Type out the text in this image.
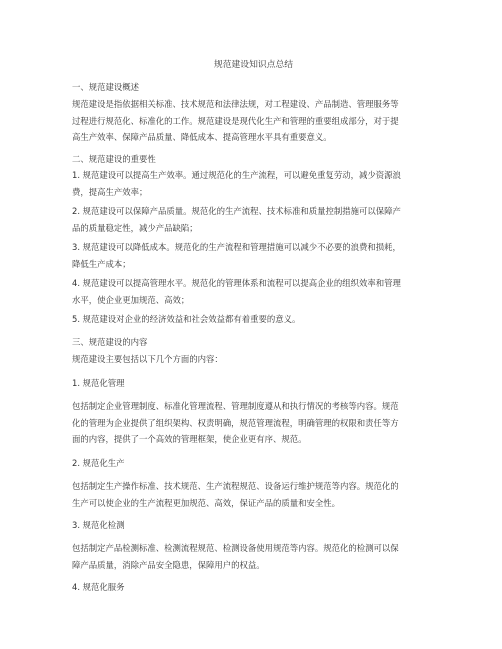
规范建设知识点总结
一、规范建设概述
规范建设是指依据相关标准、技术规范和法律法规，对工程建设、产品制造、管理服务等
过程进行规范化、标准化的工作。规范建设是现代化生产和管理的重要组成部分，对于提
高生产效率、保障产品质量、降低成本、提高管理水平具有重要意义。
二、规范建设的重要性
1. 规范建设可以提高生产效率。通过规范化的生产流程，可以避免重复劳动，减少资源浪
费，提高生产效率；
2. 规范建设可以保障产品质量。规范化的生产流程、技术标准和质量控制措施可以保障产
品的质量稳定性，减少产品缺陷；
3. 规范建设可以降低成本。规范化的生产流程和管理措施可以减少不必要的浪费和损耗，
降低生产成本；
4. 规范建设可以提高管理水平。规范化的管理体系和流程可以提高企业的组织效率和管理
水平，使企业更加规范、高效；
5. 规范建设对企业的经济效益和社会效益都有着重要的意义。
三、规范建设的内容
规范建设主要包括以下几个方面的内容：
1. 规范化管理
包括制定企业管理制度、标准化管理流程、管理制度遵从和执行情况的考核等内容。规范
化的管理为企业提供了组织架构、权责明确，规范管理流程，明确管理的权限和责任等方
面的内容，提供了一个高效的管理框架，使企业更有序、规范。
2. 规范化生产
包括制定生产操作标准、技术规范、生产流程规范、设备运行维护规范等内容。规范化的
生产可以使企业的生产流程更加规范、高效，保证产品的质量和安全性。
3. 规范化检测
包括制定产品检测标准、检测流程规范、检测设备使用规范等内容。规范化的检测可以保
障产品质量，消除产品安全隐患，保障用户的权益。
4. 规范化服务
